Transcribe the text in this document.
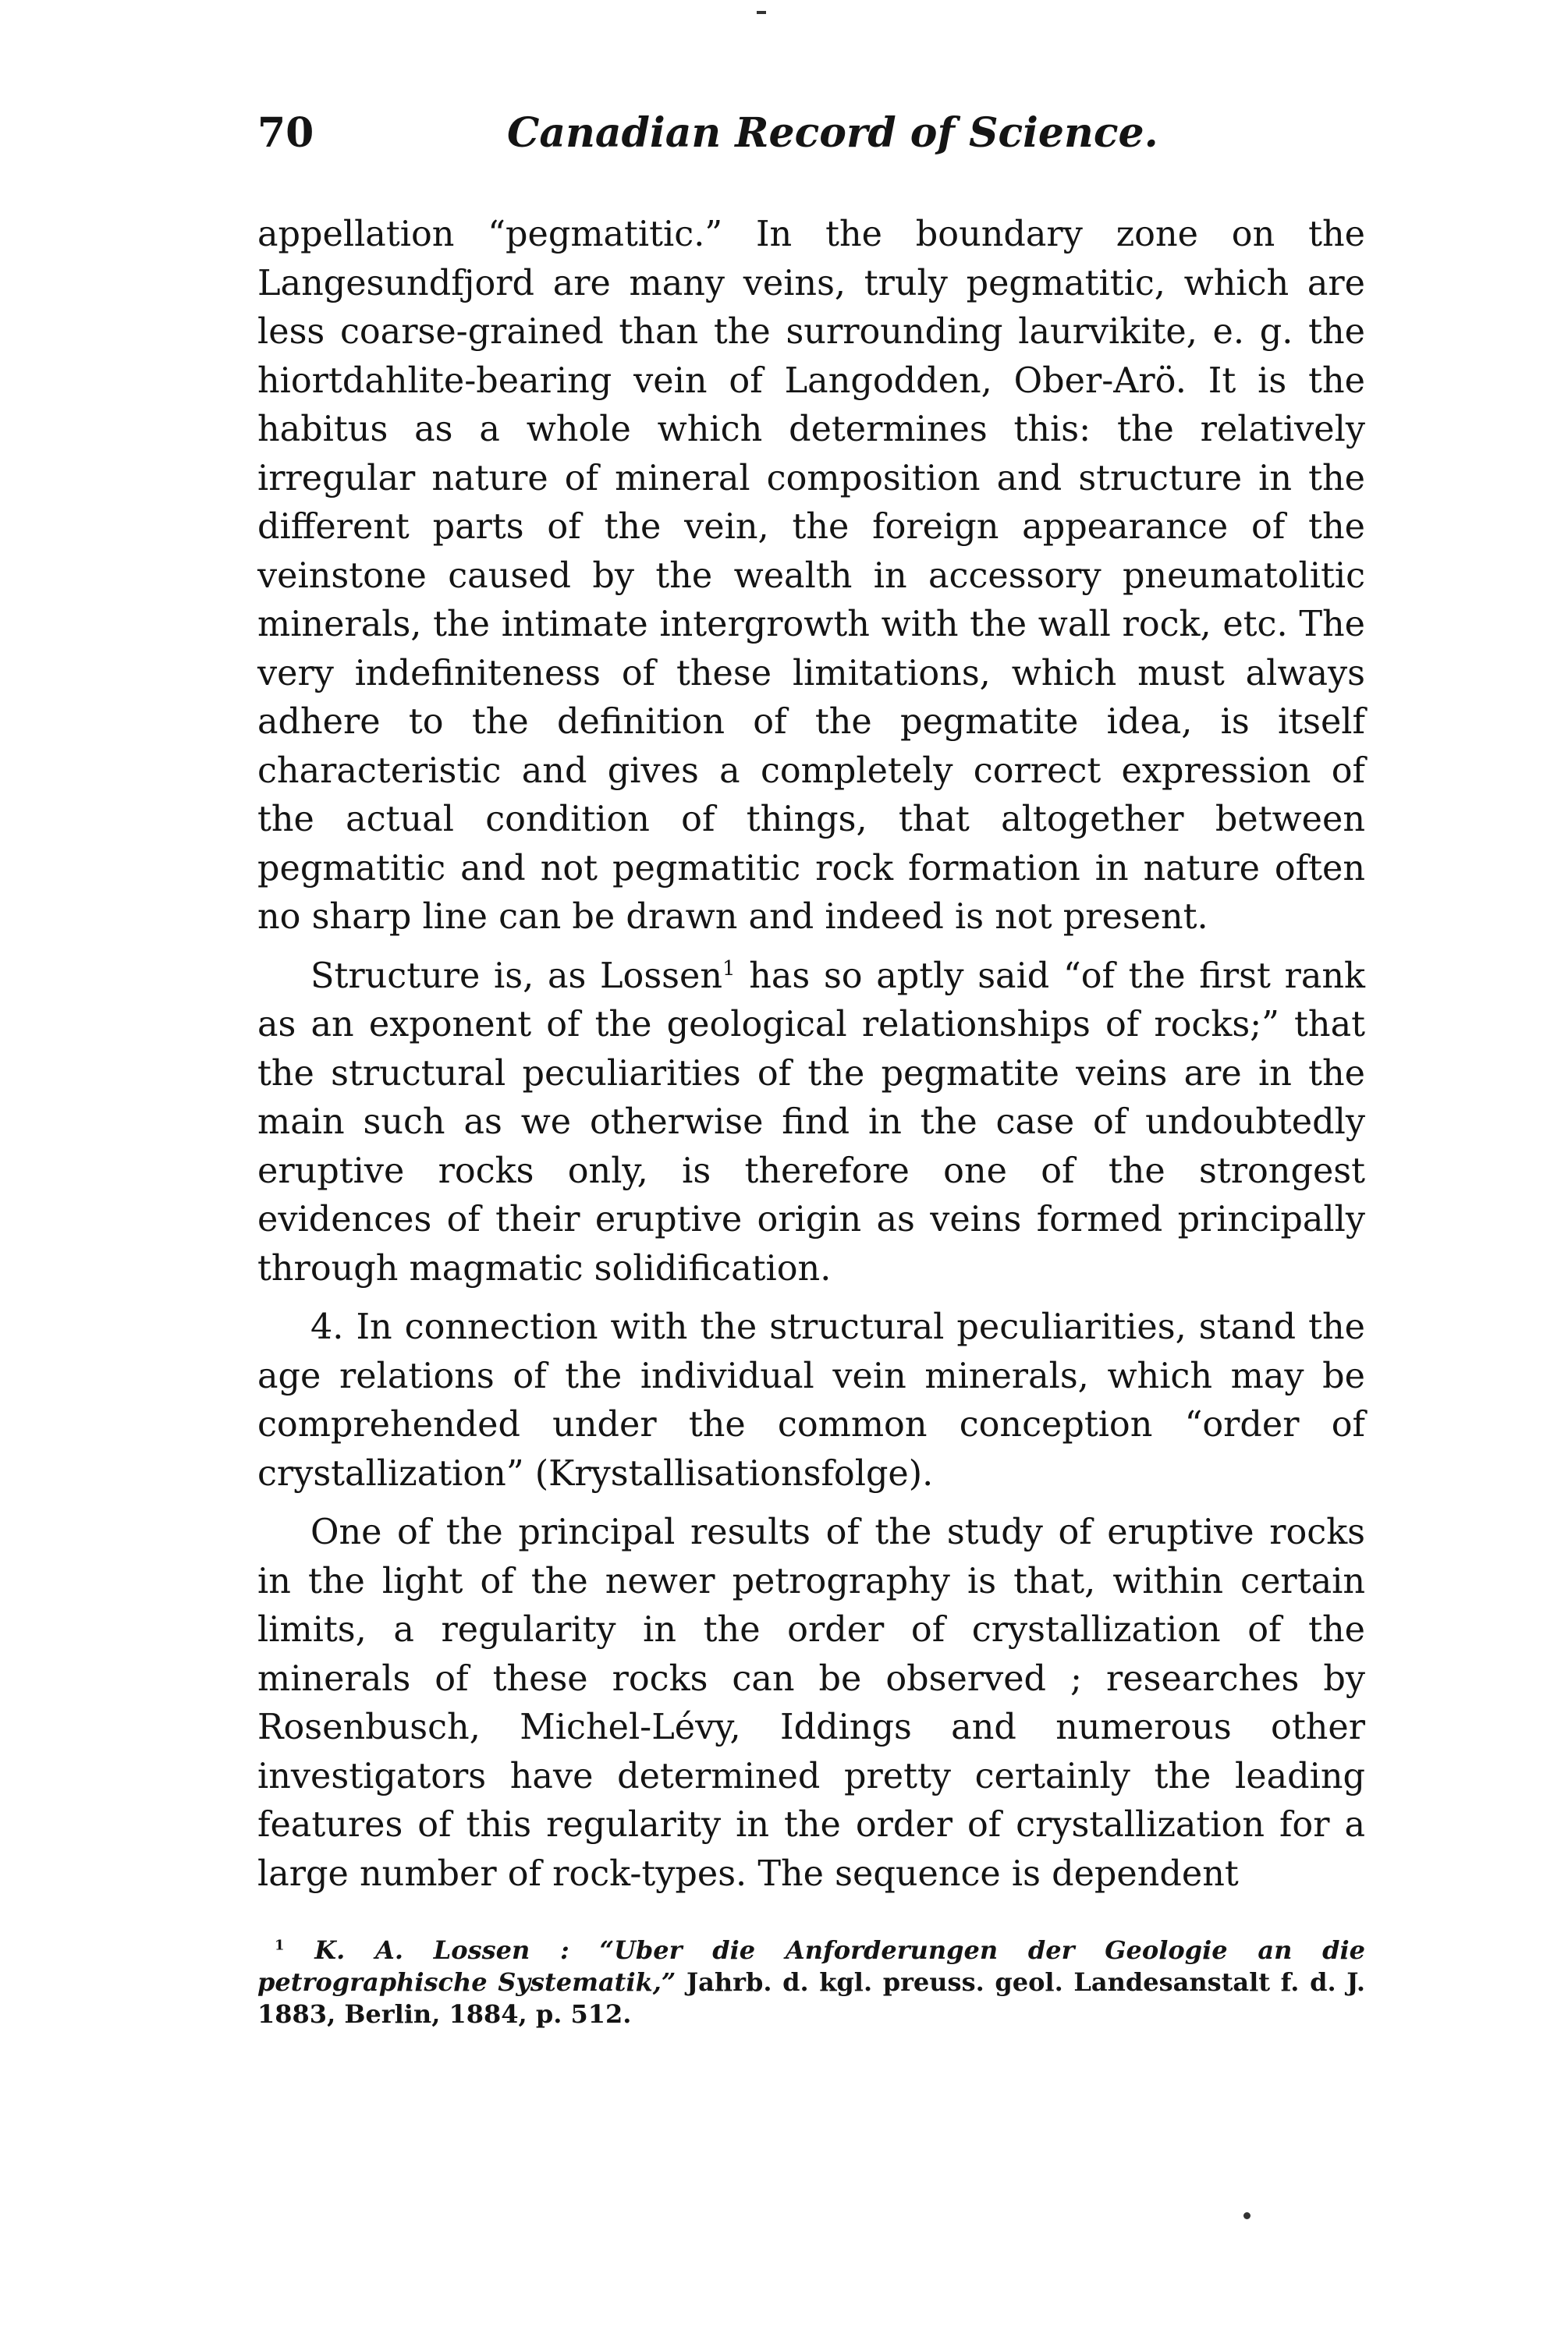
70	Canadian Record of Science.

appellation “pegmatitic.” In the boundary zone on the Langesundfjord are many veins, truly pegmatitic, which are less coarse-grained than the surrounding laurvikite, e. g. the hiortdahlite-bearing vein of Langodden, Ober-Arö. It is the habitus as a whole which determines this: the relatively irregular nature of mineral composition and structure in the different parts of the vein, the foreign appearance of the veinstone caused by the wealth in accessory pneumatolitic minerals, the intimate intergrowth with the wall rock, etc. The very indefiniteness of these limitations, which must always adhere to the definition of the pegmatite idea, is itself characteristic and gives a completely correct expression of the actual condition of things, that altogether between pegmatitic and not pegmatitic rock formation in nature often no sharp line can be drawn and indeed is not present.

Structure is, as Lossen$^1$ has so aptly said “of the first rank as an exponent of the geological relationships of rocks;” that the structural peculiarities of the pegmatite veins are in the main such as we otherwise find in the case of undoubtedly eruptive rocks only, is therefore one of the strongest evidences of their eruptive origin as veins formed principally through magmatic solidification.

4. In connection with the structural peculiarities, stand the age relations of the individual vein minerals, which may be comprehended under the common conception “order of crystallization” (Krystallisationsfolge).

One of the principal results of the study of eruptive rocks in the light of the newer petrography is that, within certain limits, a regularity in the order of crystallization of the minerals of these rocks can be observed ; researches by Rosenbusch, Michel-Lévy, Iddings and numerous other investigators have determined pretty certainly the leading features of this regularity in the order of crystallization for a large number of rock-types. The sequence is dependent

$^1$ K. A. Lossen : “Uber die Anforderungen der Geologie an die petrographische Systematik,” Jahrb. d. kgl. preuss. geol. Landesanstalt f. d. J. 1883, Berlin, 1884, p. 512.
